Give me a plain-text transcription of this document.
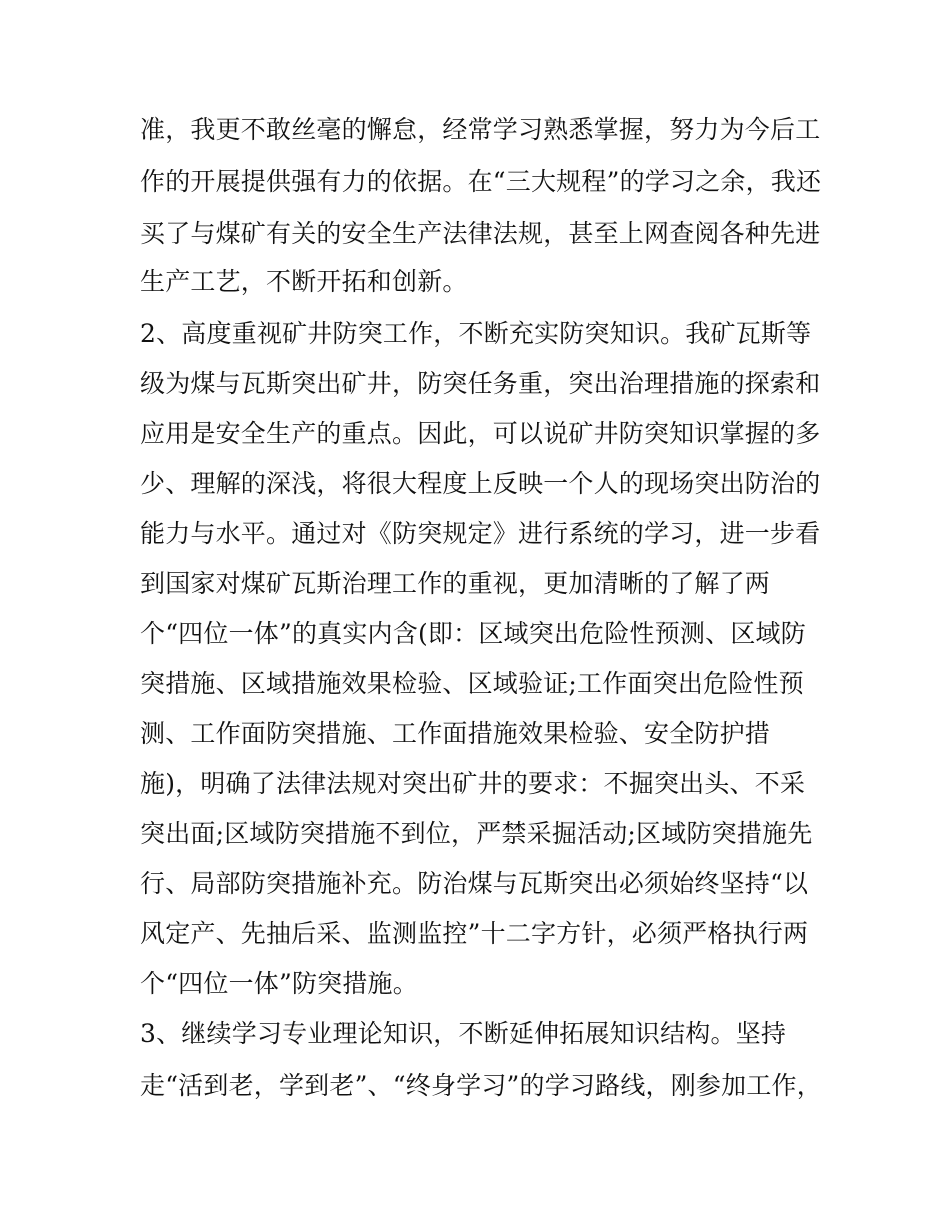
准，我更不敢丝毫的懈怠，经常学习熟悉掌握，努力为今后工

作的开展提供强有力的依据。在“三大规程”的学习之余，我还

买了与煤矿有关的安全生产法律法规，甚至上网查阅各种先进

生产工艺，不断开拓和创新。

2、高度重视矿井防突工作，不断充实防突知识。我矿瓦斯等

级为煤与瓦斯突出矿井，防突任务重，突出治理措施的探索和

应用是安全生产的重点。因此，可以说矿井防突知识掌握的多

少、理解的深浅，将很大程度上反映一个人的现场突出防治的

能力与水平。通过对《防突规定》进行系统的学习，进一步看

到国家对煤矿瓦斯治理工作的重视，更加清晰的了解了两

个“四位一体”的真实内含(即：区域突出危险性预测、区域防

突措施、区域措施效果检验、区域验证;工作面突出危险性预

测、工作面防突措施、工作面措施效果检验、安全防护措

施)，明确了法律法规对突出矿井的要求：不掘突出头、不采

突出面;区域防突措施不到位，严禁采掘活动;区域防突措施先

行、局部防突措施补充。防治煤与瓦斯突出必须始终坚持“以

风定产、先抽后采、监测监控”十二字方针，必须严格执行两

个“四位一体”防突措施。

3、继续学习专业理论知识，不断延伸拓展知识结构。坚持

走“活到老，学到老”、“终身学习”的学习路线，刚参加工作，
